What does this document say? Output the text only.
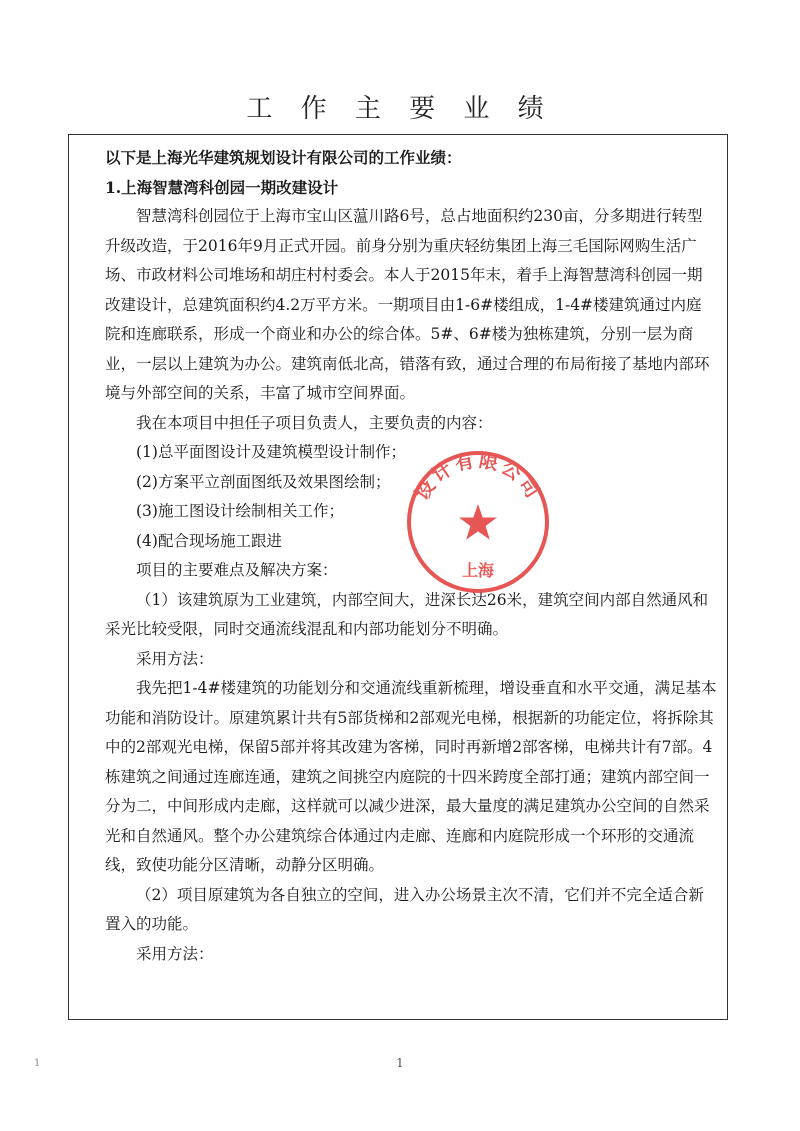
工 作 主 要 业 绩

以下是上海光华建筑规划设计有限公司的工作业绩：

1.上海智慧湾科创园一期改建设计

智慧湾科创园位于上海市宝山区蕰川路6号，总占地面积约230亩，分多期进行转型升级改造，于2016年9月正式开园。前身分别为重庆轻纺集团上海三毛国际网购生活广场、市政材料公司堆场和胡庄村村委会。本人于2015年末，着手上海智慧湾科创园一期改建设计，总建筑面积约4.2万平方米。一期项目由1-6#楼组成，1-4#楼建筑通过内庭院和连廊联系，形成一个商业和办公的综合体。5#、6#楼为独栋建筑，分别一层为商业，一层以上建筑为办公。建筑南低北高，错落有致，通过合理的布局衔接了基地内部环境与外部空间的关系，丰富了城市空间界面。

我在本项目中担任子项目负责人，主要负责的内容：

(1)总平面图设计及建筑模型设计制作；

(2)方案平立剖面图纸及效果图绘制；

(3)施工图设计绘制相关工作；

(4)配合现场施工跟进

项目的主要难点及解决方案：

（1）该建筑原为工业建筑，内部空间大，进深长达26米，建筑空间内部自然通风和采光比较受限，同时交通流线混乱和内部功能划分不明确。

采用方法：

我先把1-4#楼建筑的功能划分和交通流线重新梳理，增设垂直和水平交通，满足基本功能和消防设计。原建筑累计共有5部货梯和2部观光电梯，根据新的功能定位，将拆除其中的2部观光电梯，保留5部并将其改建为客梯，同时再新增2部客梯，电梯共计有7部。4栋建筑之间通过连廊连通，建筑之间挑空内庭院的十四米跨度全部打通；建筑内部空间一分为二，中间形成内走廊，这样就可以减少进深，最大量度的满足建筑办公空间的自然采光和自然通风。整个办公建筑综合体通过内走廊、连廊和内庭院形成一个环形的交通流线，致使功能分区清晰，动静分区明确。

（2）项目原建筑为各自独立的空间，进入办公场景主次不清，它们并不完全适合新置入的功能。

采用方法：

设计有限公司
上海
1	1
